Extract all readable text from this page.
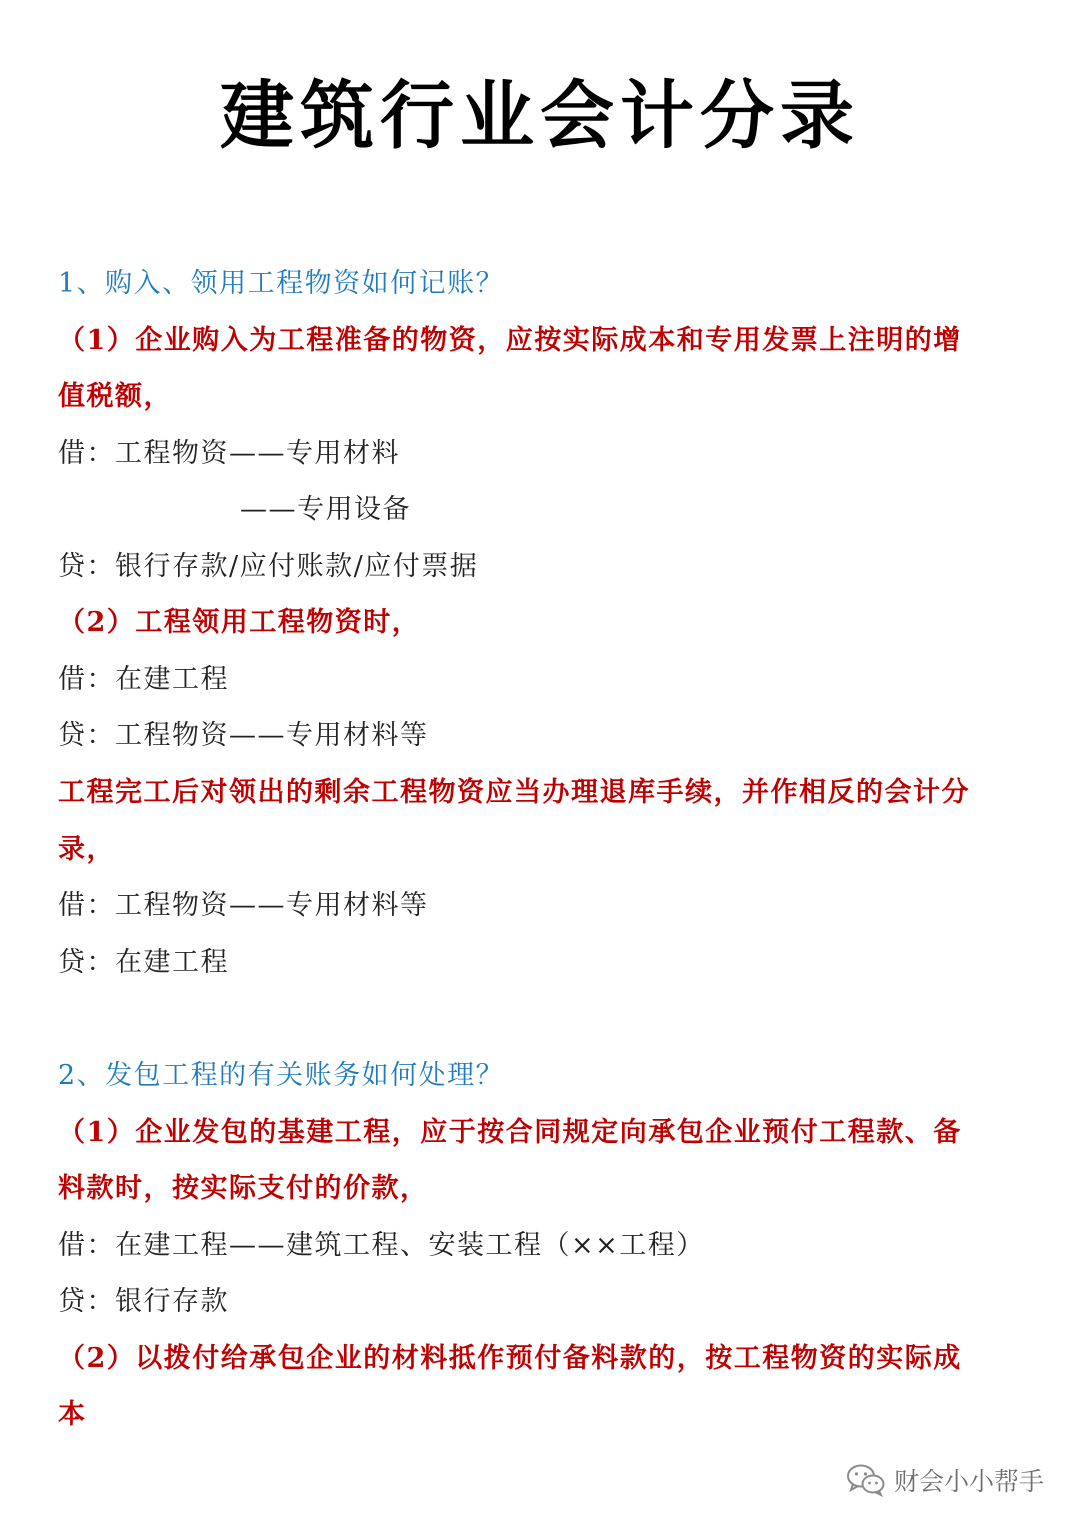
建筑行业会计分录
1、购入、领用工程物资如何记账？
（1）企业购入为工程准备的物资，应按实际成本和专用发票上注明的增
值税额，
借：工程物资——专用材料
——专用设备
贷：银行存款/应付账款/应付票据
（2）工程领用工程物资时，
借：在建工程
贷：工程物资——专用材料等
工程完工后对领出的剩余工程物资应当办理退库手续，并作相反的会计分
录，
借：工程物资——专用材料等
贷：在建工程
2、发包工程的有关账务如何处理？
（1）企业发包的基建工程，应于按合同规定向承包企业预付工程款、备
料款时，按实际支付的价款，
借：在建工程——建筑工程、安装工程（××工程）
贷：银行存款
（2）以拨付给承包企业的材料抵作预付备料款的，按工程物资的实际成
本
财会小小帮手
